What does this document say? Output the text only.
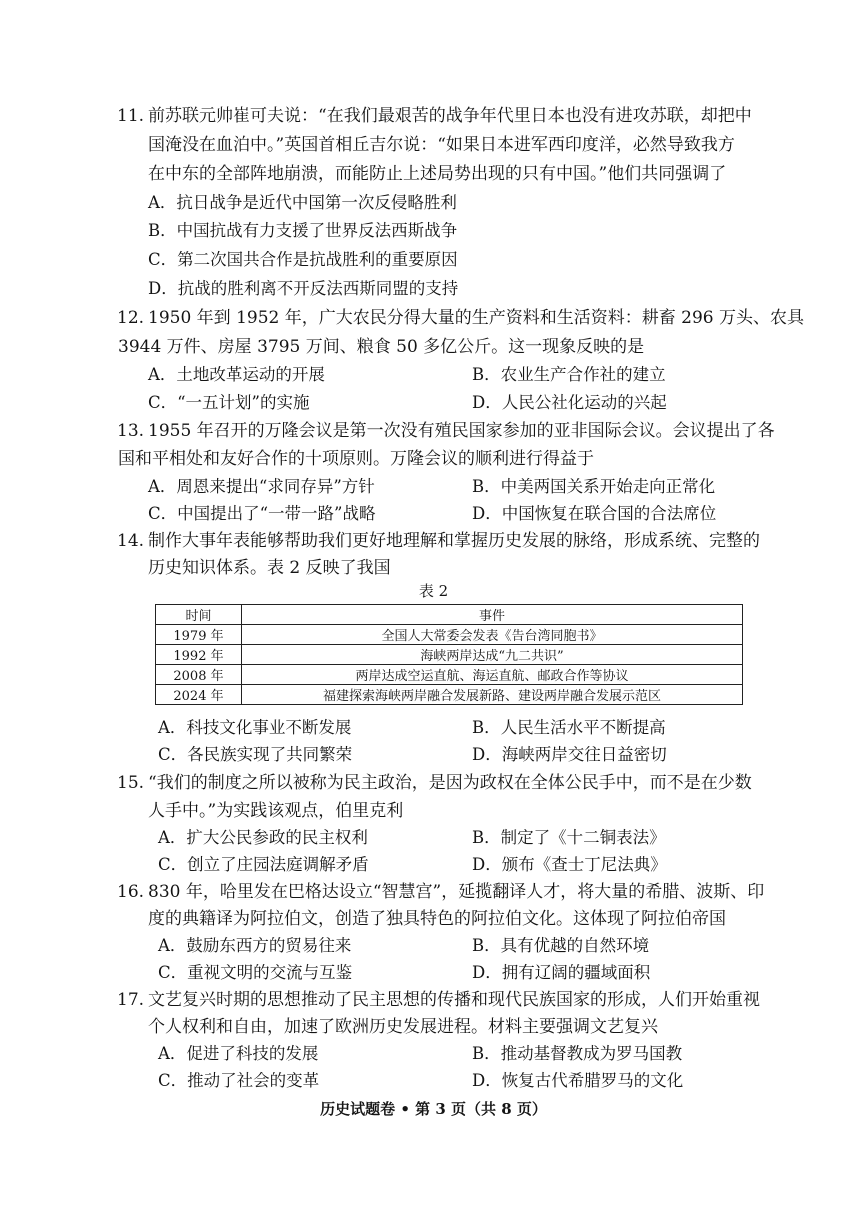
11. 前苏联元帅崔可夫说：“在我们最艰苦的战争年代里日本也没有进攻苏联，却把中
国淹没在血泊中。”英国首相丘吉尔说：“如果日本进军西印度洋，必然导致我方
在中东的全部阵地崩溃，而能防止上述局势出现的只有中国。”他们共同强调了
A．抗日战争是近代中国第一次反侵略胜利
B．中国抗战有力支援了世界反法西斯战争
C．第二次国共合作是抗战胜利的重要原因
D．抗战的胜利离不开反法西斯同盟的支持
12. 1950 年到 1952 年，广大农民分得大量的生产资料和生活资料：耕畜 296 万头、农具
3944 万件、房屋 3795 万间、粮食 50 多亿公斤。这一现象反映的是
A．土地改革运动的开展	B．农业生产合作社的建立
C．“一五计划”的实施	D．人民公社化运动的兴起
13. 1955 年召开的万隆会议是第一次没有殖民国家参加的亚非国际会议。会议提出了各
国和平相处和友好合作的十项原则。万隆会议的顺利进行得益于
A．周恩来提出“求同存异”方针	B．中美两国关系开始走向正常化
C．中国提出了“一带一路”战略	D．中国恢复在联合国的合法席位
14. 制作大事年表能够帮助我们更好地理解和掌握历史发展的脉络，形成系统、完整的
历史知识体系。表 2 反映了我国
表 2
时间	事件
1979 年	全国人大常委会发表《告台湾同胞书》
1992 年	海峡两岸达成“九二共识”
2008 年	两岸达成空运直航、海运直航、邮政合作等协议
2024 年	福建探索海峡两岸融合发展新路、建设两岸融合发展示范区
A．科技文化事业不断发展	B．人民生活水平不断提高
C．各民族实现了共同繁荣	D．海峡两岸交往日益密切
15. “我们的制度之所以被称为民主政治，是因为政权在全体公民手中，而不是在少数
人手中。”为实践该观点，伯里克利
A．扩大公民参政的民主权利	B．制定了《十二铜表法》
C．创立了庄园法庭调解矛盾	D．颁布《查士丁尼法典》
16. 830 年，哈里发在巴格达设立“智慧宫”，延揽翻译人才，将大量的希腊、波斯、印
度的典籍译为阿拉伯文，创造了独具特色的阿拉伯文化。这体现了阿拉伯帝国
A．鼓励东西方的贸易往来	B．具有优越的自然环境
C．重视文明的交流与互鉴	D．拥有辽阔的疆域面积
17. 文艺复兴时期的思想推动了民主思想的传播和现代民族国家的形成，人们开始重视
个人权利和自由，加速了欧洲历史发展进程。材料主要强调文艺复兴
A．促进了科技的发展	B．推动基督教成为罗马国教
C．推动了社会的变革	D．恢复古代希腊罗马的文化
历史试题卷 • 第 3 页（共 8 页）
